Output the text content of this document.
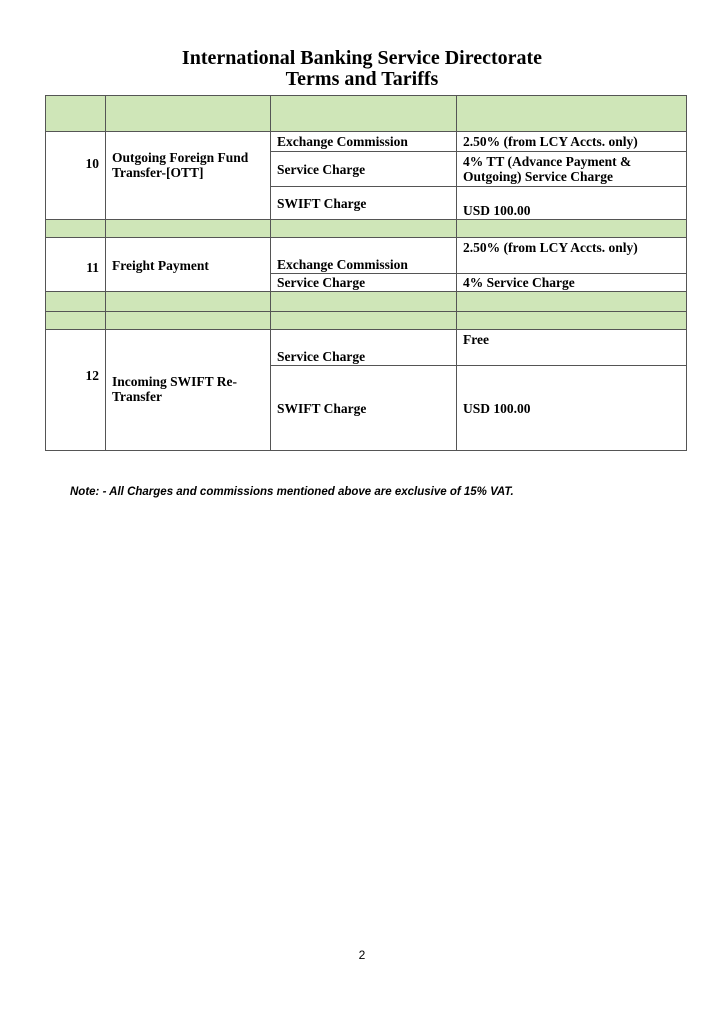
International Banking Service Directorate
Terms and Tariffs

10	Outgoing Foreign Fund Transfer-[OTT]	Exchange Commission	2.50% (from LCY Accts. only)
		Service Charge	4% TT (Advance Payment & Outgoing) Service Charge
		SWIFT Charge	USD 100.00

11	Freight Payment	Exchange Commission	2.50% (from LCY Accts. only)
		Service Charge	4% Service Charge

12	Incoming SWIFT Re-Transfer	Service Charge	Free
		SWIFT Charge	USD 100.00
Note: - All Charges and commissions mentioned above are exclusive of 15% VAT.
2
